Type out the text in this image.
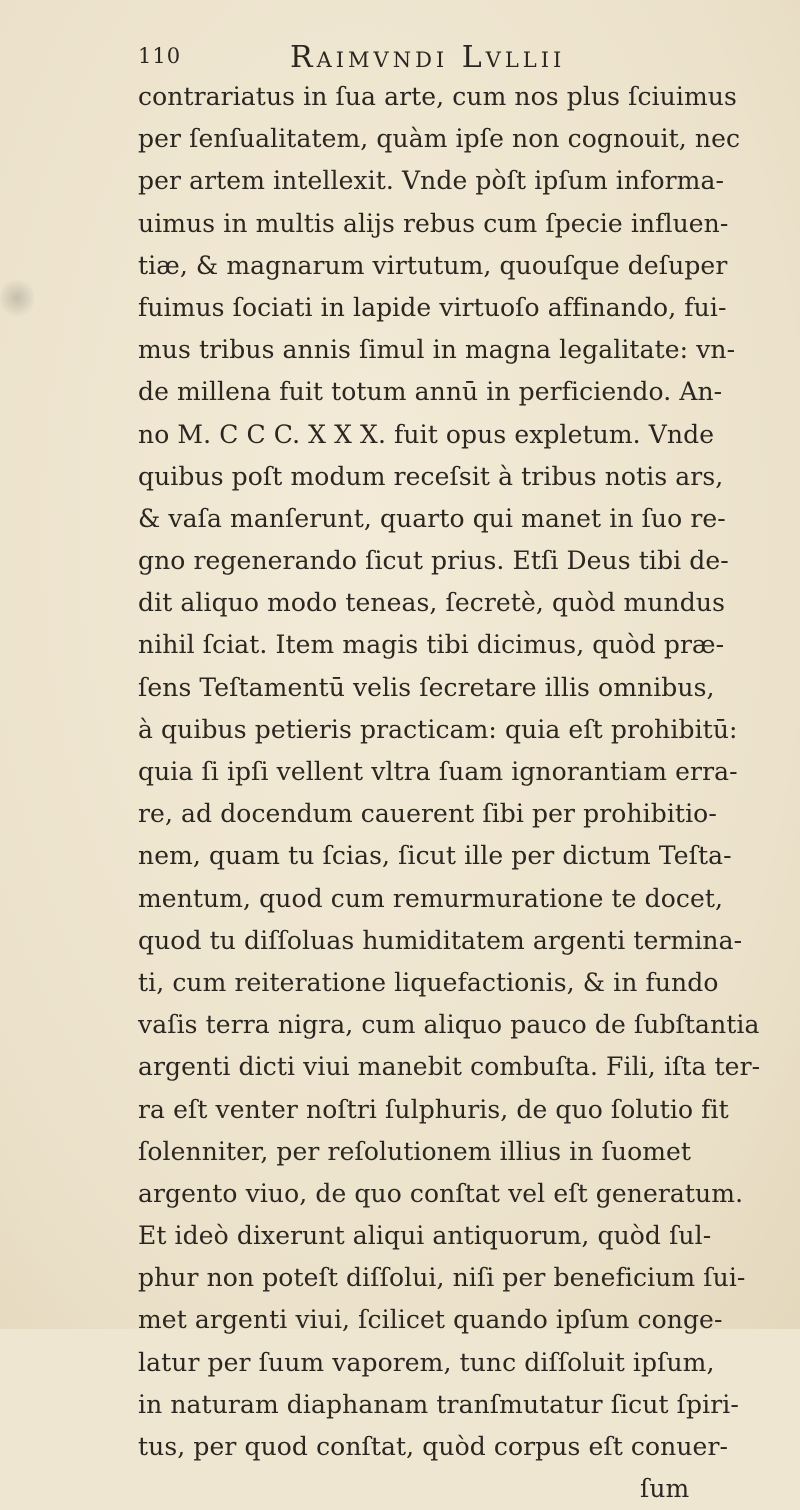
110	Raimvndi Lvllii
contrariatus in ſua arte, cum nos plus ſciuimus
per ſenſualitatem, quàm ipſe non cognouit, nec
per artem intellexit. Vnde pòſt ipſum informa-
uimus in multis alijs rebus cum ſpecie influen-
tiæ, & magnarum virtutum, quouſque deſuper
fuimus ſociati in lapide virtuoſo affinando, fui-
mus tribus annis ſimul in magna legalitate: vn-
de millena fuit totum annū in perficiendo. An-
no M. C C C. X X X. fuit opus expletum. Vnde
quibus poſt modum receſsit à tribus notis ars,
& vaſa manſerunt, quarto qui manet in ſuo re-
gno regenerando ſicut prius. Etſi Deus tibi de-
dit aliquo modo teneas, ſecretè, quòd mundus
nihil ſciat. Item magis tibi dicimus, quòd præ-
ſens Teſtamentū velis ſecretare illis omnibus,
à quibus petieris practicam: quia eſt prohibitū:
quia ſi ipſi vellent vltra ſuam ignorantiam erra-
re, ad docendum cauerent ſibi per prohibitio-
nem, quam tu ſcias, ſicut ille per dictum Teſta-
mentum, quod cum remurmuratione te docet,
quod tu diſſoluas humiditatem argenti termina-
ti, cum reiteratione liquefactionis, & in fundo
vaſis terra nigra, cum aliquo pauco de ſubſtantia
argenti dicti viui manebit combuſta. Fili, iſta ter-
ra eſt venter noſtri ſulphuris, de quo ſolutio fit
ſolenniter, per reſolutionem illius in ſuomet
argento viuo, de quo conſtat vel eſt generatum.
Et ideò dixerunt aliqui antiquorum, quòd ſul-
phur non poteſt diſſolui, niſi per beneficium ſui-
met argenti viui, ſcilicet quando ipſum conge-
latur per ſuum vaporem, tunc diſſoluit ipſum,
in naturam diaphanam tranſmutatur ſicut ſpiri-
tus, per quod conſtat, quòd corpus eſt conuer-
ſum
